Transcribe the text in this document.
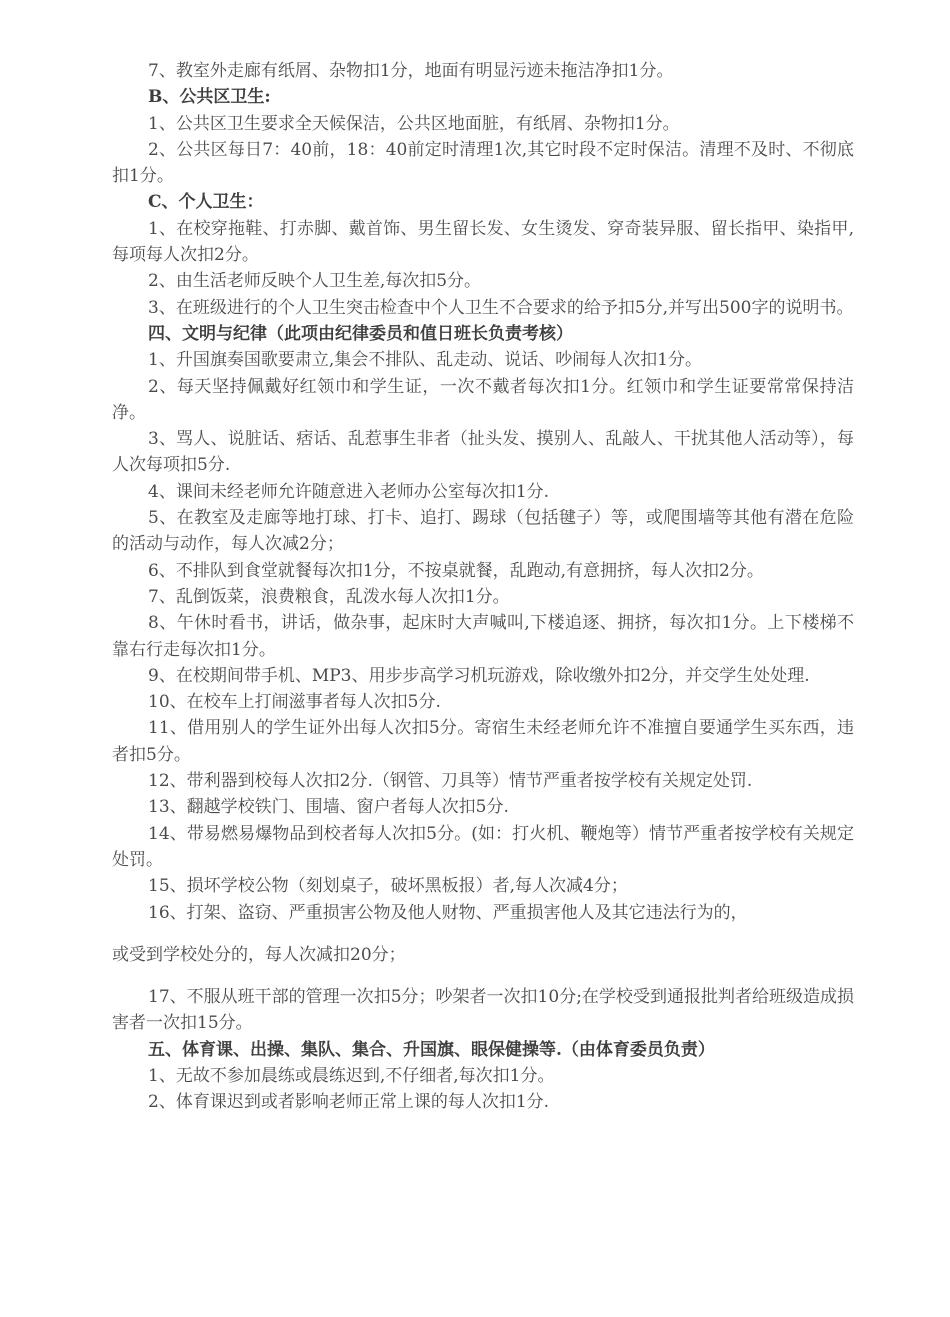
7、教室外走廊有纸屑、杂物扣1分，地面有明显污迹未拖洁净扣1分。

B、公共区卫生:

1、公共区卫生要求全天候保洁，公共区地面脏，有纸屑、杂物扣1分。

2、公共区每日7：40前，18：40前定时清理1次,其它时段不定时保洁。清理不及时、不彻底扣1分。

C、个人卫生：

1、在校穿拖鞋、打赤脚、戴首饰、男生留长发、女生烫发、穿奇装异服、留长指甲、染指甲,每项每人次扣2分。

2、由生活老师反映个人卫生差,每次扣5分。

3、在班级进行的个人卫生突击检查中个人卫生不合要求的给予扣5分,并写出500字的说明书。

四、文明与纪律（此项由纪律委员和值日班长负责考核）

1、升国旗奏国歌要肃立,集会不排队、乱走动、说话、吵闹每人次扣1分。

2、每天坚持佩戴好红领巾和学生证，一次不戴者每次扣1分。红领巾和学生证要常常保持洁净。

3、骂人、说脏话、痞话、乱惹事生非者（扯头发、摸别人、乱敲人、干扰其他人活动等），每人次每项扣5分.

4、课间未经老师允许随意进入老师办公室每次扣1分.

5、在教室及走廊等地打球、打卡、追打、踢球（包括毽子）等，或爬围墙等其他有潜在危险的活动与动作，每人次减2分；

6、不排队到食堂就餐每次扣1分，不按桌就餐，乱跑动,有意拥挤，每人次扣2分。

7、乱倒饭菜，浪费粮食，乱泼水每人次扣1分。

8、午休时看书，讲话，做杂事，起床时大声喊叫,下楼追逐、拥挤，每次扣1分。上下楼梯不靠右行走每次扣1分。

9、在校期间带手机、MP3、用步步高学习机玩游戏，除收缴外扣2分，并交学生处处理.

10、在校车上打闹滋事者每人次扣5分.

11、借用别人的学生证外出每人次扣5分。寄宿生未经老师允许不准擅自要通学生买东西，违者扣5分。

12、带利器到校每人次扣2分.（钢管、刀具等）情节严重者按学校有关规定处罚.

13、翻越学校铁门、围墙、窗户者每人次扣5分.

14、带易燃易爆物品到校者每人次扣5分。(如：打火机、鞭炮等）情节严重者按学校有关规定处罚。

15、损坏学校公物（刻划桌子，破坏黑板报）者,每人次减4分；

16、打架、盗窃、严重损害公物及他人财物、严重损害他人及其它违法行为的，

或受到学校处分的，每人次减扣20分；

17、不服从班干部的管理一次扣5分；吵架者一次扣10分;在学校受到通报批判者给班级造成损害者一次扣15分。

五、体育课、出操、集队、集合、升国旗、眼保健操等.（由体育委员负责）

1、无故不参加晨练或晨练迟到,不仔细者,每次扣1分。

2、体育课迟到或者影响老师正常上课的每人次扣1分.
